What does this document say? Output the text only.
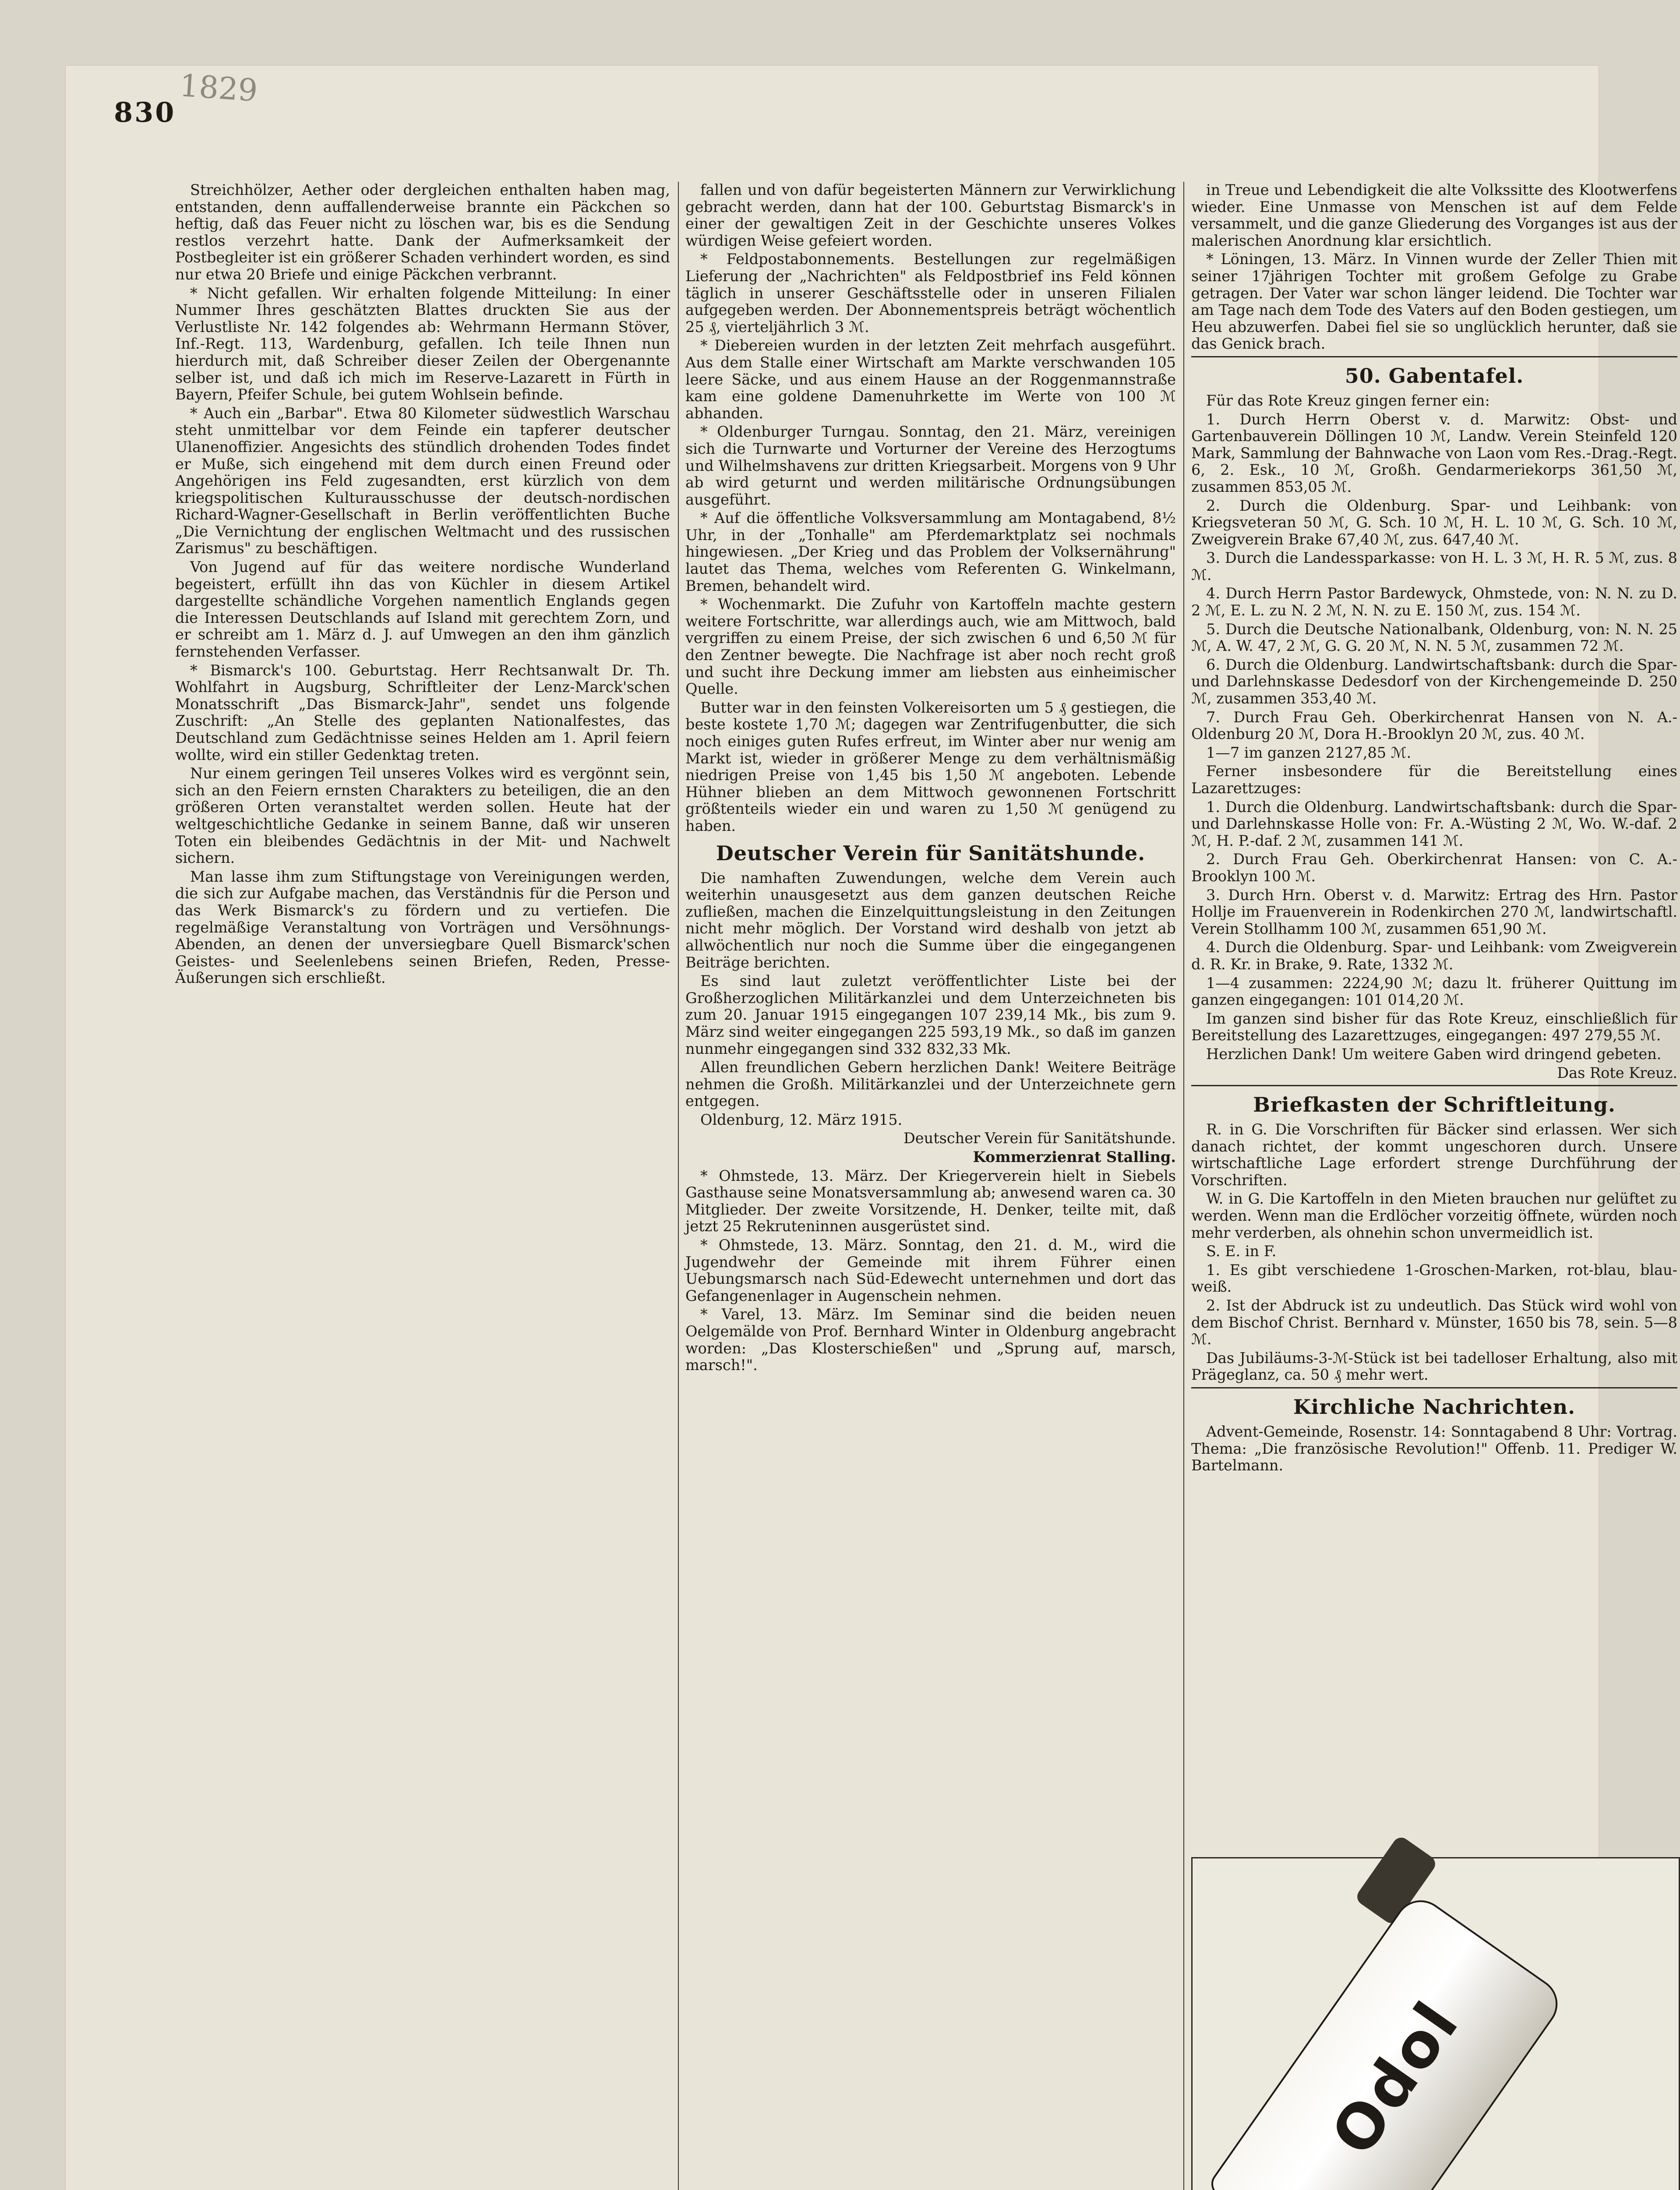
830
1829

Streichhölzer, Aether oder dergleichen enthalten haben mag, entstanden, denn auffallenderweise brannte ein Päckchen so heftig, daß das Feuer nicht zu löschen war, bis es die Sendung restlos verzehrt hatte. Dank der Aufmerksamkeit der Postbegleiter ist ein größerer Schaden verhindert worden, es sind nur etwa 20 Briefe und einige Päckchen verbrannt.

* Nicht gefallen. Wir erhalten folgende Mitteilung: In einer Nummer Ihres geschätzten Blattes druckten Sie aus der Verlustliste Nr. 142 folgendes ab: Wehrmann Hermann Stöver, Inf.-Regt. 113, Wardenburg, gefallen. Ich teile Ihnen nun hierdurch mit, daß Schreiber dieser Zeilen der Obergenannte selber ist, und daß ich mich im Reserve-Lazarett in Fürth in Bayern, Pfeifer Schule, bei gutem Wohlsein befinde.

* Auch ein „Barbar". Etwa 80 Kilometer südwestlich Warschau steht unmittelbar vor dem Feinde ein tapferer deutscher Ulanenoffizier. Angesichts des stündlich drohenden Todes findet er Muße, sich eingehend mit dem durch einen Freund oder Angehörigen ins Feld zugesandten, erst kürzlich von dem kriegspolitischen Kulturausschusse der deutsch-nordischen Richard-Wagner-Gesellschaft in Berlin veröffentlichten Buche „Die Vernichtung der englischen Weltmacht und des russischen Zarismus" zu beschäftigen.

Von Jugend auf für das weitere nordische Wunderland begeistert, erfüllt ihn das von Küchler in diesem Artikel dargestellte schändliche Vorgehen namentlich Englands gegen die Interessen Deutschlands auf Island mit gerechtem Zorn, und er schreibt am 1. März d. J. auf Umwegen an den ihm gänzlich fernstehenden Verfasser.

* Bismarck's 100. Geburtstag. Herr Rechtsanwalt Dr. Th. Wohlfahrt in Augsburg, Schriftleiter der Lenz-Marck'schen Monatsschrift „Das Bismarck-Jahr", sendet uns folgende Zuschrift: „An Stelle des geplanten Nationalfestes, das Deutschland zum Gedächtnisse seines Helden am 1. April feiern wollte, wird ein stiller Gedenktag treten.

Nur einem geringen Teil unseres Volkes wird es vergönnt sein, sich an den Feiern ernsten Charakters zu beteiligen, die an den größeren Orten veranstaltet werden sollen. Heute hat der weltgeschichtliche Gedanke in seinem Banne, daß wir unseren Toten ein bleibendes Gedächtnis in der Mit- und Nachwelt sichern.

Man lasse ihm zum Stiftungstage von Vereinigungen werden, die sich zur Aufgabe machen, das Verständnis für die Person und das Werk Bismarck's zu fördern und zu vertiefen. Die regelmäßige Veranstaltung von Vorträgen und Versöhnungs-Abenden, an denen der unversiegbare Quell Bismarck'schen Geistes- und Seelenlebens seinen Briefen, Reden, Presse-Äußerungen sich erschließt.

fallen und von dafür begeisterten Männern zur Verwirklichung gebracht werden, dann hat der 100. Geburtstag Bismarck's in einer der gewaltigen Zeit in der Geschichte unseres Volkes würdigen Weise gefeiert worden.

* Feldpostabonnements. Bestellungen zur regelmäßigen Lieferung der „Nachrichten" als Feldpostbrief ins Feld können täglich in unserer Geschäftsstelle oder in unseren Filialen aufgegeben werden. Der Abonnementspreis beträgt wöchentlich 25 ₰, vierteljährlich 3 ℳ.

* Diebereien wurden in der letzten Zeit mehrfach ausgeführt. Aus dem Stalle einer Wirtschaft am Markte verschwanden 105 leere Säcke, und aus einem Hause an der Roggenmannstraße kam eine goldene Damenuhrkette im Werte von 100 ℳ abhanden.

* Oldenburger Turngau. Sonntag, den 21. März, vereinigen sich die Turnwarte und Vorturner der Vereine des Herzogtums und Wilhelmshavens zur dritten Kriegsarbeit. Morgens von 9 Uhr ab wird geturnt und werden militärische Ordnungsübungen ausgeführt.

* Auf die öffentliche Volksversammlung am Montagabend, 8½ Uhr, in der „Tonhalle" am Pferdemarktplatz sei nochmals hingewiesen. „Der Krieg und das Problem der Volksernährung" lautet das Thema, welches vom Referenten G. Winkelmann, Bremen, behandelt wird.

* Wochenmarkt. Die Zufuhr von Kartoffeln machte gestern weitere Fortschritte, war allerdings auch, wie am Mittwoch, bald vergriffen zu einem Preise, der sich zwischen 6 und 6,50 ℳ für den Zentner bewegte. Die Nachfrage ist aber noch recht groß und sucht ihre Deckung immer am liebsten aus einheimischer Quelle.

Butter war in den feinsten Volkereisorten um 5 ₰ gestiegen, die beste kostete 1,70 ℳ; dagegen war Zentrifugenbutter, die sich noch einiges guten Rufes erfreut, im Winter aber nur wenig am Markt ist, wieder in größerer Menge zu dem verhältnismäßig niedrigen Preise von 1,45 bis 1,50 ℳ angeboten. Lebende Hühner blieben an dem Mittwoch gewonnenen Fortschritt größtenteils wieder ein und waren zu 1,50 ℳ genügend zu haben.

Deutscher Verein für Sanitätshunde.

Die namhaften Zuwendungen, welche dem Verein auch weiterhin unausgesetzt aus dem ganzen deutschen Reiche zufließen, machen die Einzelquittungsleistung in den Zeitungen nicht mehr möglich. Der Vorstand wird deshalb von jetzt ab allwöchentlich nur noch die Summe über die eingegangenen Beiträge berichten.

Es sind laut zuletzt veröffentlichter Liste bei der Großherzoglichen Militärkanzlei und dem Unterzeichneten bis zum 20. Januar 1915 eingegangen 107 239,14 Mk., bis zum 9. März sind weiter eingegangen 225 593,19 Mk., so daß im ganzen nunmehr eingegangen sind 332 832,33 Mk.

Allen freundlichen Gebern herzlichen Dank! Weitere Beiträge nehmen die Großh. Militärkanzlei und der Unterzeichnete gern entgegen.

Oldenburg, 12. März 1915.

Deutscher Verein für Sanitätshunde.

Kommerzienrat Stalling.

* Ohmstede, 13. März. Der Kriegerverein hielt in Siebels Gasthause seine Monatsversammlung ab; anwesend waren ca. 30 Mitglieder. Der zweite Vorsitzende, H. Denker, teilte mit, daß jetzt 25 Rekruteninnen ausgerüstet sind.

* Ohmstede, 13. März. Sonntag, den 21. d. M., wird die Jugendwehr der Gemeinde mit ihrem Führer einen Uebungsmarsch nach Süd-Edewecht unternehmen und dort das Gefangenenlager in Augenschein nehmen.

* Varel, 13. März. Im Seminar sind die beiden neuen Oelgemälde von Prof. Bernhard Winter in Oldenburg angebracht worden: „Das Klosterschießen" und „Sprung auf, marsch, marsch!".

in Treue und Lebendigkeit die alte Volkssitte des Klootwerfens wieder. Eine Unmasse von Menschen ist auf dem Felde versammelt, und die ganze Gliederung des Vorganges ist aus der malerischen Anordnung klar ersichtlich.

* Löningen, 13. März. In Vinnen wurde der Zeller Thien mit seiner 17jährigen Tochter mit großem Gefolge zu Grabe getragen. Der Vater war schon länger leidend. Die Tochter war am Tage nach dem Tode des Vaters auf den Boden gestiegen, um Heu abzuwerfen. Dabei fiel sie so unglücklich herunter, daß sie das Genick brach.

50. Gabentafel.

Für das Rote Kreuz gingen ferner ein:

1. Durch Herrn Oberst v. d. Marwitz: Obst- und Gartenbauverein Döllingen 10 ℳ, Landw. Verein Steinfeld 120 Mark, Sammlung der Bahnwache von Laon vom Res.-Drag.-Regt. 6, 2. Esk., 10 ℳ, Großh. Gendarmeriekorps 361,50 ℳ, zusammen 853,05 ℳ.

2. Durch die Oldenburg. Spar- und Leihbank: von Kriegsveteran 50 ℳ, G. Sch. 10 ℳ, H. L. 10 ℳ, G. Sch. 10 ℳ, Zweigverein Brake 67,40 ℳ, zus. 647,40 ℳ.

3. Durch die Landessparkasse: von H. L. 3 ℳ, H. R. 5 ℳ, zus. 8 ℳ.

4. Durch Herrn Pastor Bardewyck, Ohmstede, von: N. N. zu D. 2 ℳ, E. L. zu N. 2 ℳ, N. N. zu E. 150 ℳ, zus. 154 ℳ.

5. Durch die Deutsche Nationalbank, Oldenburg, von: N. N. 25 ℳ, A. W. 47, 2 ℳ, G. G. 20 ℳ, N. N. 5 ℳ, zusammen 72 ℳ.

6. Durch die Oldenburg. Landwirtschaftsbank: durch die Spar- und Darlehnskasse Dedesdorf von der Kirchengemeinde D. 250 ℳ, zusammen 353,40 ℳ.

7. Durch Frau Geh. Oberkirchenrat Hansen von N. A.-Oldenburg 20 ℳ, Dora H.-Brooklyn 20 ℳ, zus. 40 ℳ.

1—7 im ganzen 2127,85 ℳ.

Ferner insbesondere für die Bereitstellung eines Lazarettzuges:

1. Durch die Oldenburg. Landwirtschaftsbank: durch die Spar- und Darlehnskasse Holle von: Fr. A.-Wüsting 2 ℳ, Wo. W.-daf. 2 ℳ, H. P.-daf. 2 ℳ, zusammen 141 ℳ.

2. Durch Frau Geh. Oberkirchenrat Hansen: von C. A.-Brooklyn 100 ℳ.

3. Durch Hrn. Oberst v. d. Marwitz: Ertrag des Hrn. Pastor Hollje im Frauenverein in Rodenkirchen 270 ℳ, landwirtschaftl. Verein Stollhamm 100 ℳ, zusammen 651,90 ℳ.

4. Durch die Oldenburg. Spar- und Leihbank: vom Zweigverein d. R. Kr. in Brake, 9. Rate, 1332 ℳ.

1—4 zusammen: 2224,90 ℳ; dazu lt. früherer Quittung im ganzen eingegangen: 101 014,20 ℳ.

Im ganzen sind bisher für das Rote Kreuz, einschließlich für Bereitstellung des Lazarettzuges, eingegangen: 497 279,55 ℳ.

Herzlichen Dank! Um weitere Gaben wird dringend gebeten.

Das Rote Kreuz.

Briefkasten der Schriftleitung.

R. in G. Die Vorschriften für Bäcker sind erlassen. Wer sich danach richtet, der kommt ungeschoren durch. Unsere wirtschaftliche Lage erfordert strenge Durchführung der Vorschriften.

W. in G. Die Kartoffeln in den Mieten brauchen nur gelüftet zu werden. Wenn man die Erdlöcher vorzeitig öffnete, würden noch mehr verderben, als ohnehin schon unvermeidlich ist.

S. E. in F.

1. Es gibt verschiedene 1-Groschen-Marken, rot-blau, blau-weiß.

2. Ist der Abdruck ist zu undeutlich. Das Stück wird wohl von dem Bischof Christ. Bernhard v. Münster, 1650 bis 78, sein. 5—8 ℳ.

Das Jubiläums-3-ℳ-Stück ist bei tadelloser Erhaltung, also mit Prägeglanz, ca. 50 ₰ mehr wert.

Kirchliche Nachrichten.

Advent-Gemeinde, Rosenstr. 14: Sonntagabend 8 Uhr: Vortrag. Thema: „Die französische Revolution!" Offenb. 11. Prediger W. Bartelmann.

Odol
